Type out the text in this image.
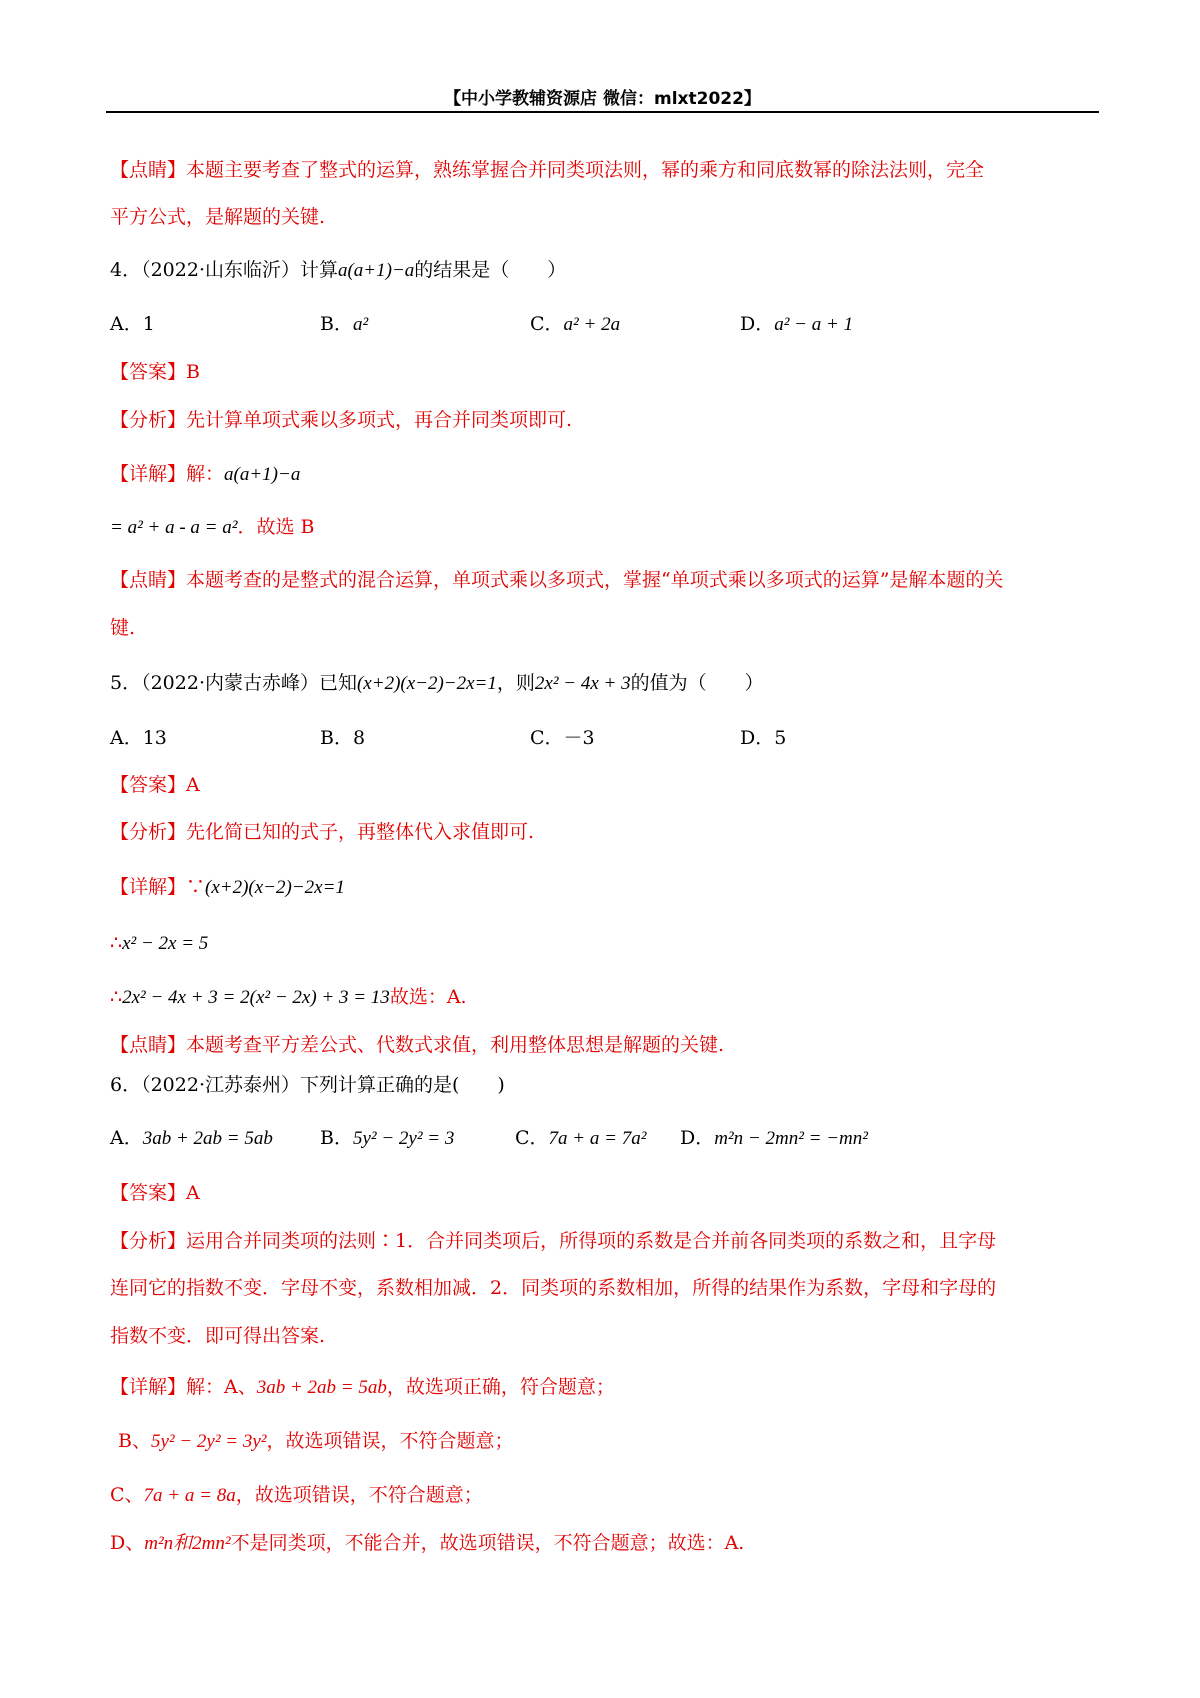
【中小学教辅资源店 微信：mlxt2022】
【点睛】本题主要考查了整式的运算，熟练掌握合并同类项法则，幂的乘方和同底数幂的除法法则，完全
平方公式，是解题的关键.
4．（2022·山东临沂）计算a(a+1)−a的结果是（　　）
A．1	B．a²	C．a² + 2a	D．a² − a + 1
【答案】B
【分析】先计算单项式乘以多项式，再合并同类项即可.
【详解】解：a(a+1)−a
= a² + a - a = a²．故选 B
【点睛】本题考查的是整式的混合运算，单项式乘以多项式，掌握“单项式乘以多项式的运算”是解本题的关
键.
5．（2022·内蒙古赤峰）已知(x+2)(x−2)−2x=1，则2x² − 4x + 3的值为（　　）
A．13	B．8	C．－3	D．5
【答案】A
【分析】先化简已知的式子，再整体代入求值即可.
【详解】∵(x+2)(x−2)−2x=1
∴x² − 2x = 5
∴2x² − 4x + 3 = 2(x² − 2x) + 3 = 13故选：A.
【点睛】本题考查平方差公式、代数式求值，利用整体思想是解题的关键.
6．（2022·江苏泰州）下列计算正确的是(　　)
A．3ab + 2ab = 5ab B．5y² − 2y² = 3	C．7a + a = 7a² D．m²n − 2mn² = −mn²
【答案】A
【分析】运用合并同类项的法则∶1．合并同类项后，所得项的系数是合并前各同类项的系数之和，且字母
连同它的指数不变．字母不变，系数相加减．2．同类项的系数相加，所得的结果作为系数，字母和字母的
指数不变．即可得出答案.
【详解】解：A、3ab + 2ab = 5ab，故选项正确，符合题意；
B、5y² − 2y² = 3y²，故选项错误，不符合题意；
C、7a + a = 8a，故选项错误，不符合题意；
D、m²n和2mn²不是同类项，不能合并，故选项错误，不符合题意；故选：A.
